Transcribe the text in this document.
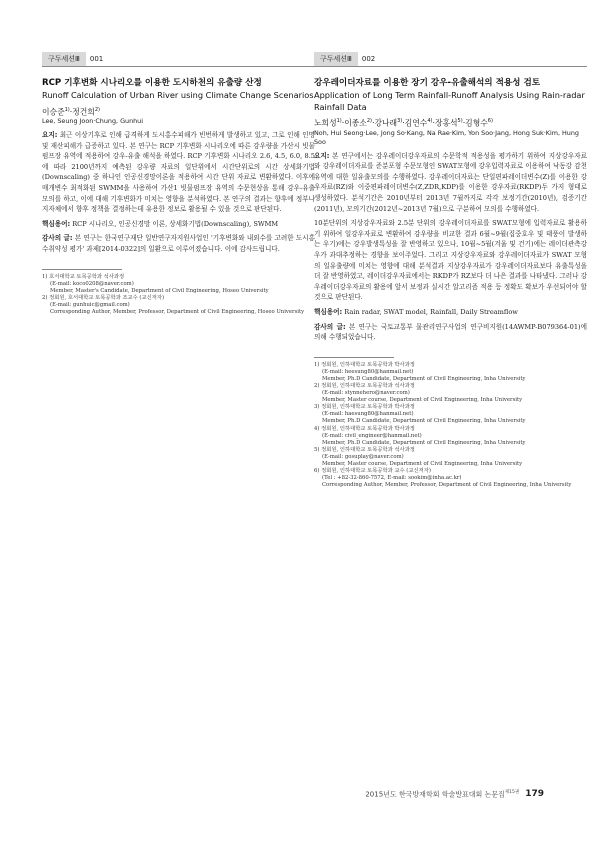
구두세션Ⅲ	001
RCP 기후변화 시나리오를 이용한 도시하천의 유출량 산정
Runoff Calculation of Urban River using Climate Change Scenarios
이승준$^{1)}$·정건희$^{2)}$
Lee, Seung Joon·Chung, Gunhui

요지: 최근 이상기후로 인해 급격하게 도시홍수피해가 빈번하게 발생하고 있고, 그로 인해 인명 및 재산피해가 급증하고 있다. 본 연구는 RCP 기후변화 시나리오에 따른 강우량을 가산시 빗물펌프장 유역에 적용하여 강우-유출 해석을 하였다. RCP 기후변화 시나리오 2.6, 4.5, 6.0, 8.5에 따라 2100년까지 예측된 강우량 자료의 일단위에서 시간단위로의 시간 상세화기법(Downscaling) 중 하나인 인공신경망이론을 적용하여 시간 단위 자료로 변환하였다. 이후에 매개변수 최적화된 SWMM을 사용하여 가산1 빗물펌프장 유역의 수문현상을 통해 강우-유출모의를 하고, 이에 대해 기후변화가 미치는 영향을 분석하였다. 본 연구의 결과는 향후에 정부나 지자체에서 향후 정책을 결정하는데 유용한 정보로 활용될 수 있을 것으로 판단된다.

핵심용어: RCP 시나리오, 인공신경망 이론, 상세화기법(Downscaling), SWMM

감사의 글: 본 연구는 한국연구재단 일반연구자지원사업인 '기후변화와 내외수를 고려한 도시홍수취약성 평가' 과제[2014-0322]의 일환으로 이루어졌습니다. 이에 감사드립니다.

1) 호서대학교 토목공학과 석사과정
(E-mail: koco0208@naver.com)
Member, Master's Candidate, Department of Civil Engineering, Hoseo University

2) 정회원, 호서대학교 토목공학과 조교수 (교신저자)
(E-mail: gunhuic@gmail.com)
Corresponding Author, Member, Professor, Department of Civil Engineering, Hoseo University

구두세션Ⅲ	002
강우레이더자료를 이용한 장기 강우-유출해석의 적용성 검토
Application of Long Term Rainfall-Runoff Analysis Using Rain-radar Rainfall Data
노희성$^{1)}$·이종소$^{2)}$·강나래$^{3)}$·김연수$^{4)}$·장홍석$^{5)}$·김형수$^{6)}$
Noh, Hui Seong·Lee, Jong So·Kang, Na Rae·Kim, Yon Soo·Jang, Hong Suk·Kim, Hung Soo

요지: 본 연구에서는 강우레이더강우자료의 수문학적 적용성을 평가하기 위하여 지상강우자료와 강우레이더자료를 준분포형 수문모형인 SWAT모형에 강우입력자료로 이용하여 낙동강 감천유역에 대한 일유출모의를 수행하였다. 강우레이더자료는 단일편파레이더변수(Z)를 이용한 강우자료(RZ)와 이중편파레이더변수(Z,ZDR,KDP)를 이용한 강우자료(RKDP)두 가지 형태로 생성하였다. 분석기간은 2010년부터 2013년 7월까지로 각각 보정기간(2010년), 검증기간(2011년), 모의기간(2012년~2013년 7월)으로 구분하여 모의를 수행하였다.

10분단위의 지상강우자료와 2.5분 단위의 강우레이더자료를 SWAT모형에 입력자료로 활용하기 위하여 일강우자료로 변환하여 강우량을 비교한 결과 6월~9월(집중호우 및 태풍이 발생하는 우기)에는 강우발생특성을 잘 반영하고 있으나, 10월~5월(겨울 및 건기)에는 레이더관측강우가 과대추정하는 경향을 보이주었다. 그리고 지상강우자료와 강우레이더자료가 SWAT 모형의 일유출량에 미치는 영향에 대해 분석결과 지상강우자료가 강우레이더자료보다 유출특성을 더 잘 반영하였고, 레이더강우자료에서는 RKDP가 RZ보다 더 나은 결과를 나타냈다. 그러나 강우레이더강우자료의 활용에 앞서 보정과 실시간 알고리즘 적용 등 정확도 확보가 우선되어야 할 것으로 판단된다.

핵심용어: Rain radar, SWAT model, Rainfall, Daily Streamflow

감사의 글: 본 연구는 국토교통부 물관리연구사업의 연구비지원(14AWMP-B079364-01)에 의해 수행되었습니다.

1) 정회원, 인하대학교 토목공학과 박사과정
(E-mail: heesung80@hanmail.net)
Member, Ph.D Candidate, Department of Civil Engineering, Inha University

2) 정회원, 인하대학교 토목공학과 석사과정
(E-mail: stynnehero@naver.com)
Member, Master course, Department of Civil Engineering, Inha University

3) 정회원, 인하대학교 토목공학과 박사과정
(E-mail: haesung80@hanmail.net)
Member, Ph.D Candidate, Department of Civil Engineering, Inha University

4) 정회원, 인하대학교 토목공학과 박사과정
(E-mail: civil_engineer@hanmail.net)
Member, Ph.D Candidate, Department of Civil Engineering, Inha University

5) 정회원, 인하대학교 토목공학과 석사과정
(E-mail: gosuplay@naver.com)
Member, Master course, Department of Civil Engineering, Inha University

6) 정회원, 인하대학교 토목공학과 교수 (교신저자)
(Tel : +82-32-860-7572, E-mail: sookim@inha.ac.kr)
Corresponding Author, Member, Professor, Department of Civil Engineering, Inha University

2015년도 한국방재학회 학술발표대회 논문집$^{제15권}$ 179
